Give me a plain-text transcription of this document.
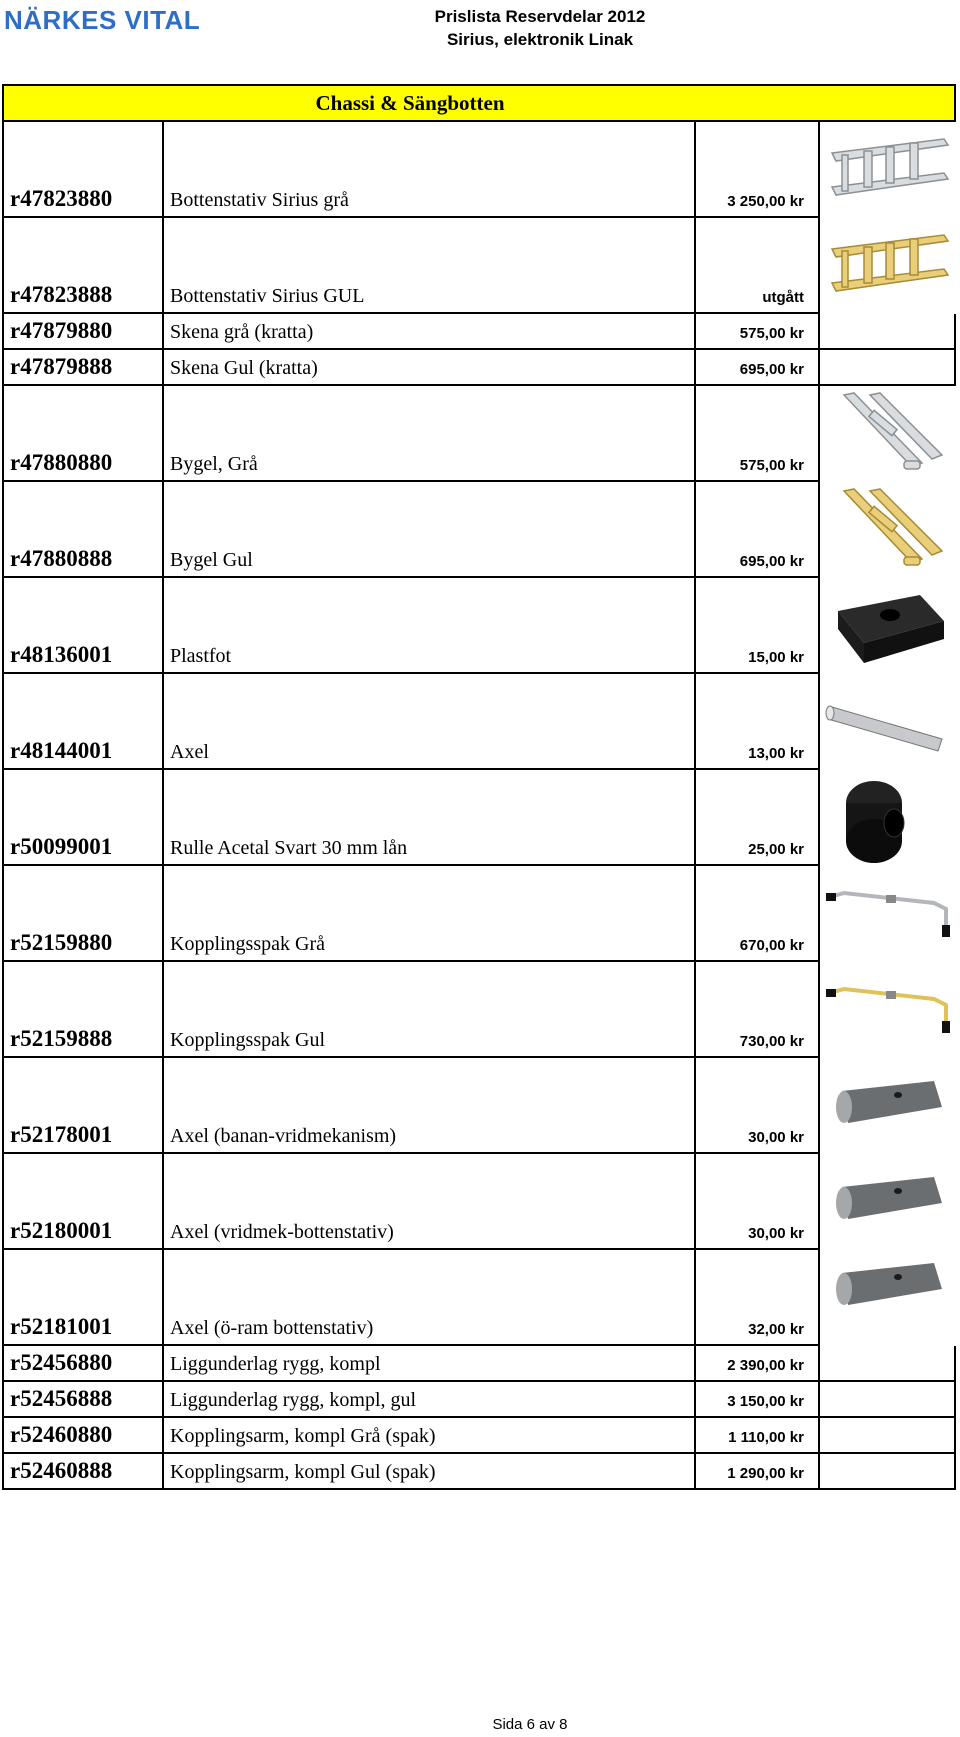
NÄRKES VITAL	Prislista Reservdelar 2012
Sirius, elektronik Linak
Chassi & Sängbotten
r47823880	Bottenstativ Sirius grå	3 250,00 kr
r47823888	Bottenstativ Sirius GUL	utgått
r47879880	Skena grå (kratta)	575,00 kr
r47879888	Skena Gul (kratta)	695,00 kr
r47880880	Bygel, Grå	575,00 kr
r47880888	Bygel Gul	695,00 kr
r48136001	Plastfot	15,00 kr
r48144001	Axel	13,00 kr
r50099001	Rulle Acetal Svart 30 mm lån	25,00 kr
r52159880	Kopplingsspak Grå	670,00 kr
r52159888	Kopplingsspak Gul	730,00 kr
r52178001	Axel (banan-vridmekanism)	30,00 kr
r52180001	Axel (vridmek-bottenstativ)	30,00 kr
r52181001	Axel (ö-ram bottenstativ)	32,00 kr
r52456880	Liggunderlag rygg, kompl	2 390,00 kr
r52456888	Liggunderlag rygg, kompl, gul	3 150,00 kr
r52460880	Kopplingsarm, kompl Grå (spak)	1 110,00 kr
r52460888	Kopplingsarm, kompl Gul (spak)	1 290,00 kr
Sida 6 av 8
